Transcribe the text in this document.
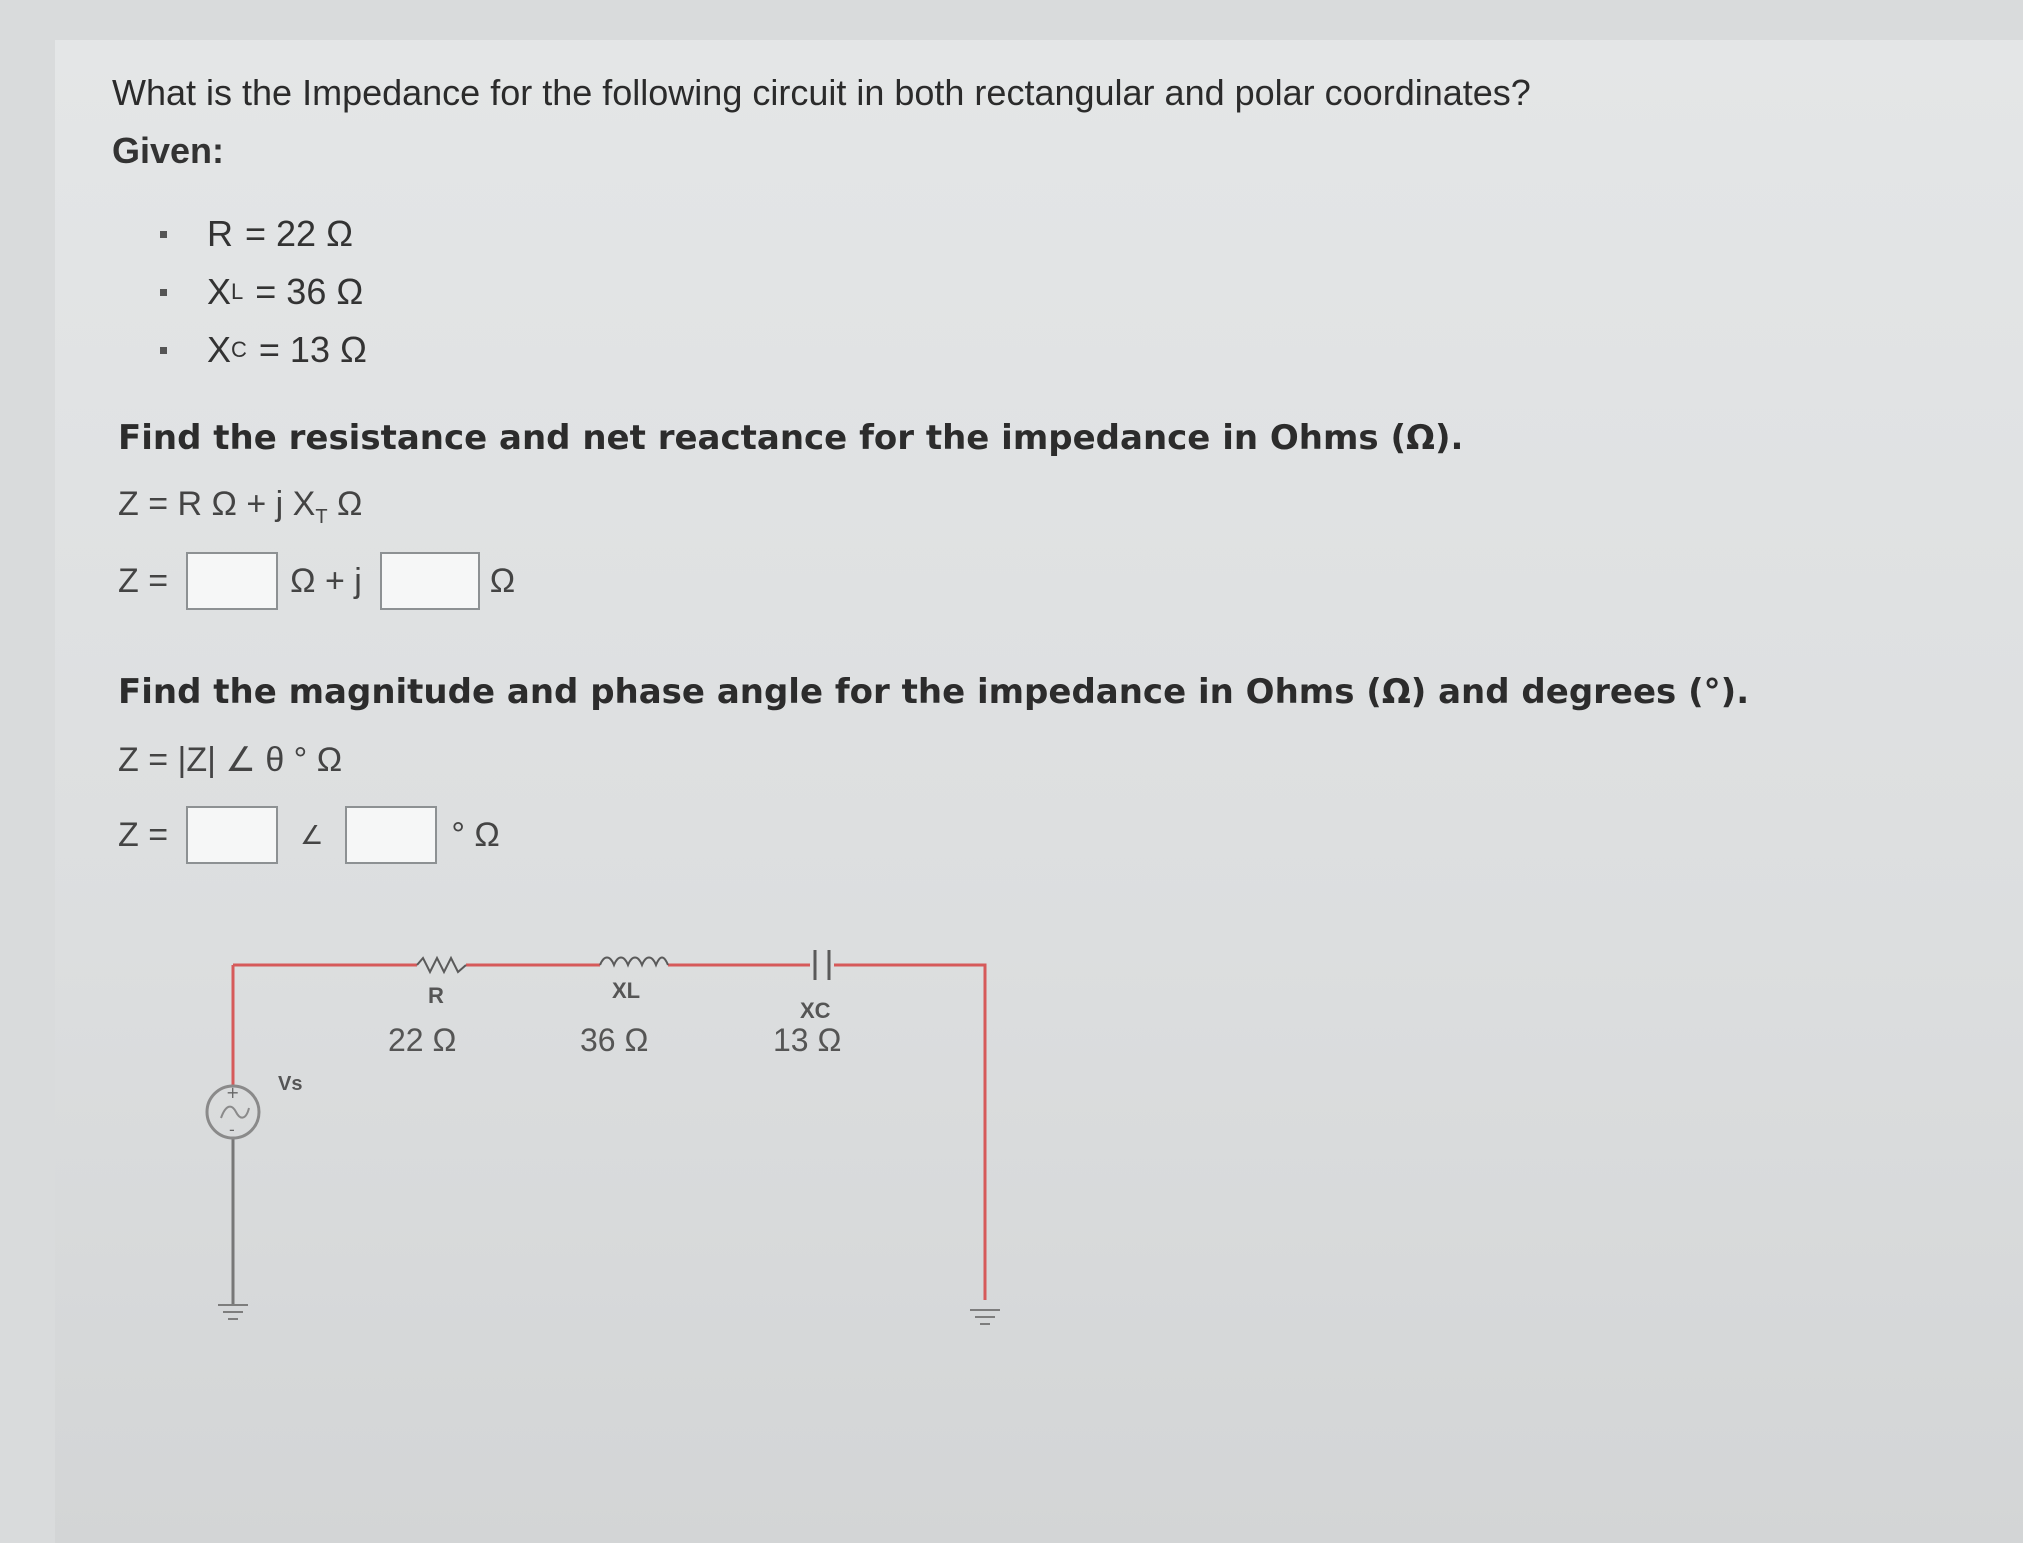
What is the Impedance for the following circuit in both rectangular and polar coordinates?
Given:
R = 22 Ω
X L = 36 Ω
X C = 13 Ω
Find the resistance and net reactance for the impedance in Ohms (Ω).
Z = R Ω + j $X_T$ Ω
Z =	Ω + j	Ω
Find the magnitude and phase angle for the impedance in Ohms (Ω) and degrees (°).
Z = |Z| ∠ θ ° Ω
Z =	∠	° Ω
+
-
Vs
R
22 Ω
XL
36 Ω
XC
13 Ω
